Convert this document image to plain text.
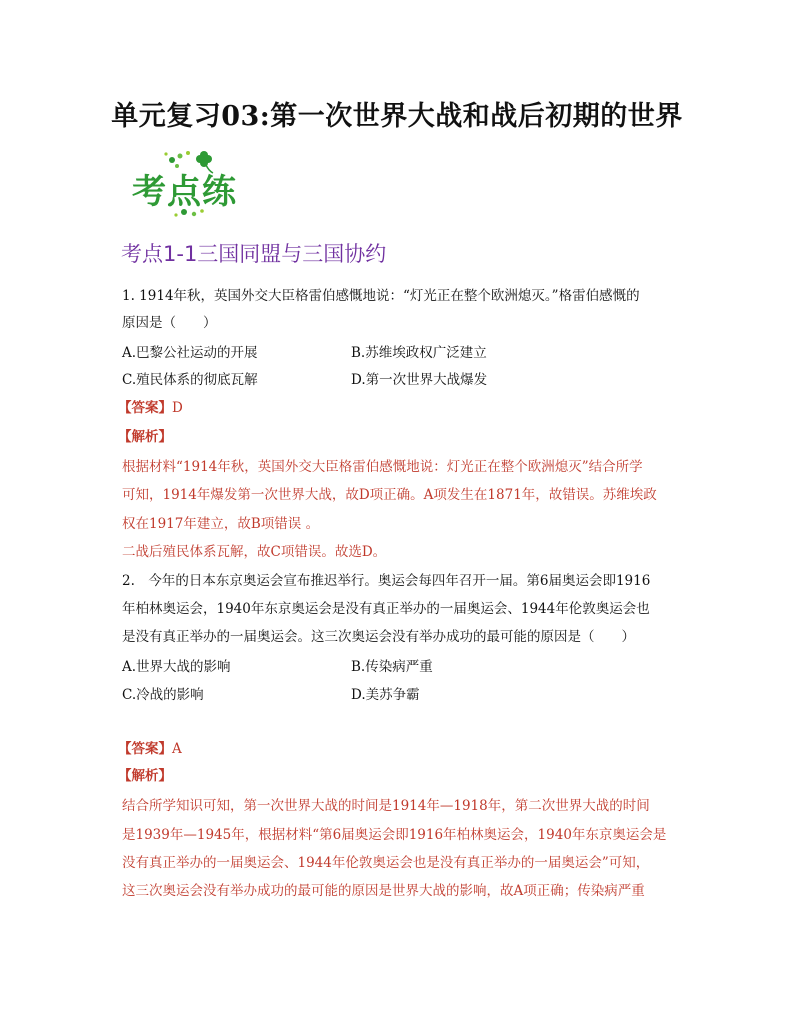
单元复习03:第一次世界大战和战后初期的世界
考点练
考点1-1三国同盟与三国协约
1. 1914年秋，英国外交大臣格雷伯感慨地说：“灯光正在整个欧洲熄灭。”格雷伯感慨的
原因是（　　）
A.巴黎公社运动的开展	B.苏维埃政权广泛建立
C.殖民体系的彻底瓦解	D.第一次世界大战爆发
【答案】D
【解析】
根据材料“1914年秋，英国外交大臣格雷伯感慨地说：灯光正在整个欧洲熄灭”结合所学
可知，1914年爆发第一次世界大战，故D项正确。A项发生在1871年，故错误。苏维埃政
权在1917年建立，故B项错误 。
二战后殖民体系瓦解，故C项错误。故选D。
2.　今年的日本东京奥运会宣布推迟举行。奥运会每四年召开一届。第6届奥运会即1916
年柏林奥运会，1940年东京奥运会是没有真正举办的一届奥运会、1944年伦敦奥运会也
是没有真正举办的一届奥运会。这三次奥运会没有举办成功的最可能的原因是（　　）
A.世界大战的影响	B.传染病严重
C.冷战的影响	D.美苏争霸
【答案】A
【解析】
结合所学知识可知，第一次世界大战的时间是1914年—1918年，第二次世界大战的时间
是1939年—1945年，根据材料“第6届奥运会即1916年柏林奥运会，1940年东京奥运会是
没有真正举办的一届奥运会、1944年伦敦奥运会也是没有真正举办的一届奥运会”可知，
这三次奥运会没有举办成功的最可能的原因是世界大战的影响，故A项正确；传染病严重
